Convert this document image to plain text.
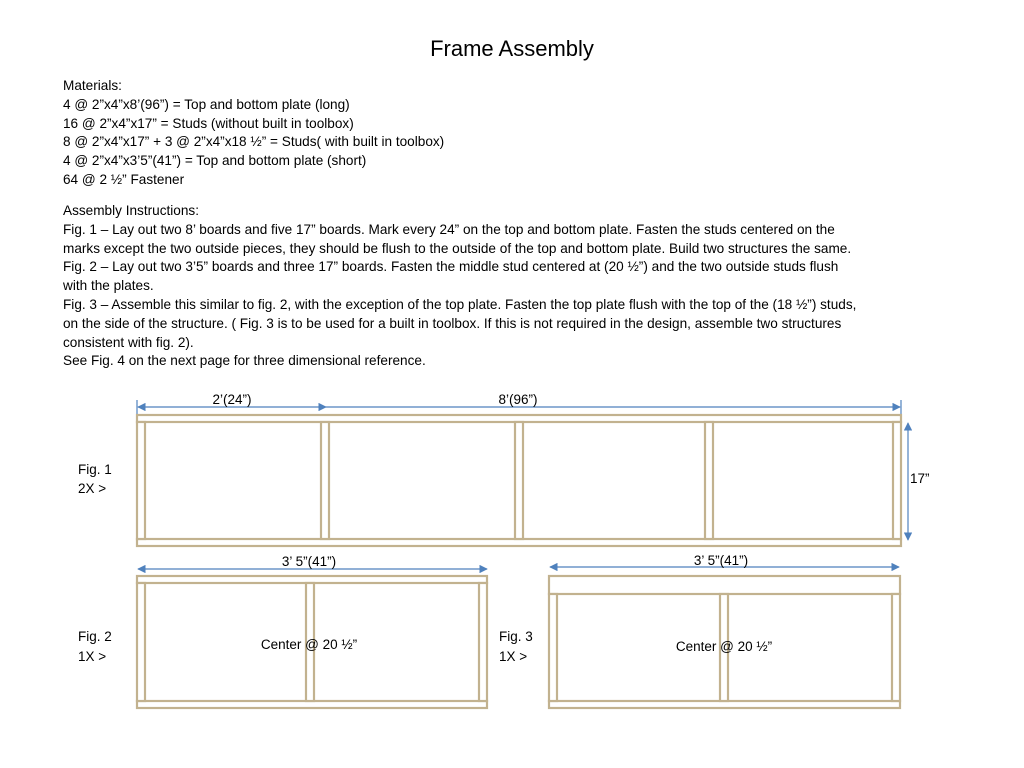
Frame Assembly
Materials:
4 @ 2”x4”x8’(96”) = Top and bottom plate (long)
16 @ 2”x4”x17” = Studs (without built in toolbox)
8 @ 2”x4”x17” + 3 @ 2”x4”x18 ½” = Studs( with built in toolbox)
4 @ 2”x4”x3’5”(41”) = Top and bottom plate (short)
64 @ 2 ½” Fastener
Assembly Instructions:
Fig. 1 – Lay out two 8’ boards and five 17” boards. Mark every 24” on the top and bottom plate. Fasten the studs centered on the
marks except the two outside pieces, they should be flush to the outside of the top and bottom plate. Build two structures the same.
Fig. 2 – Lay out two 3’5” boards and three 17” boards. Fasten the middle stud centered at (20 ½”) and the two outside studs flush
with the plates.
Fig. 3 – Assemble this similar to fig. 2, with the exception of the top plate. Fasten the top plate flush with the top of the (18 ½”) studs,
on the side of the structure. ( Fig. 3 is to be used for a built in toolbox. If this is not required in the design, assemble two structures
consistent with fig. 2).
See Fig. 4 on the next page for three dimensional reference.
2’(24”)	8’(96”)
17”
Fig. 1
2X >
3’ 5”(41”)
Center @ 20 ½”
Fig. 2
1X >
3’ 5”(41”)
Center @ 20 ½”
Fig. 3
1X >
